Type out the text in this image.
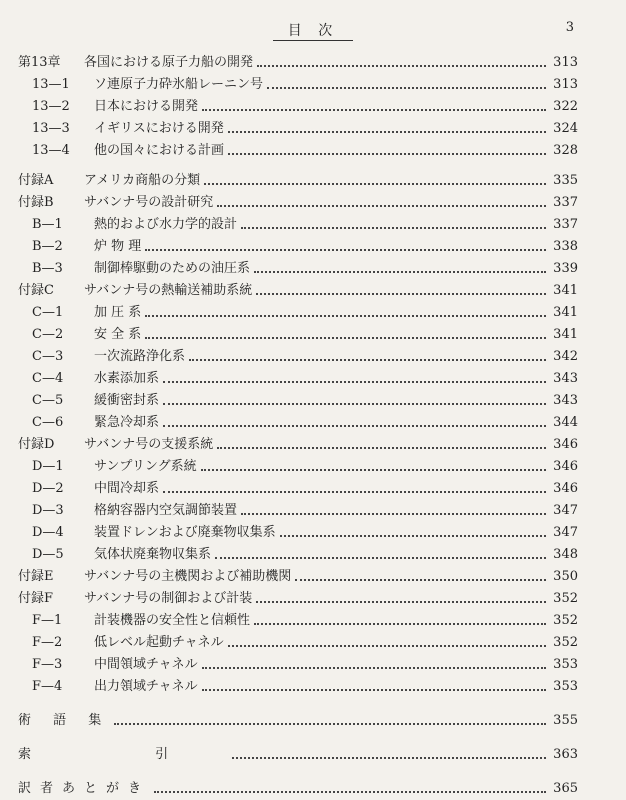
目 次	3
第13章	各国における原子力船の開発	313
13—1	ソ連原子力砕氷船レーニン号	313
13—2	日本における開発	322
13—3	イギリスにおける開発	324
13—4	他の国々における計画	328
付録A	アメリカ商船の分類	335
付録B	サバンナ号の設計研究	337
B—1	熱的および水力学的設計	337
B—2	炉 物 理	338
B—3	制御棒駆動のための油圧系	339
付録C	サバンナ号の熱輸送補助系統	341
C—1	加 圧 系	341
C—2	安 全 系	341
C—3	一次流路浄化系	342
C—4	水素添加系	343
C—5	緩衝密封系	343
C—6	緊急冷却系	344
付録D	サバンナ号の支援系統	346
D—1	サンプリング系統	346
D—2	中間冷却系	346
D—3	格納容器内空気調節装置	347
D—4	装置ドレンおよび廃棄物収集系	347
D—5	気体状廃棄物収集系	348
付録E	サバンナ号の主機関および補助機関	350
付録F	サバンナ号の制御および計装	352
F—1	計装機器の安全性と信頼性	352
F—2	低レベル起動チャネル	352
F—3	中間領域チャネル	353
F—4	出力領域チャネル	353
術 語 集	355
索 引	363
訳者あとがき	365
